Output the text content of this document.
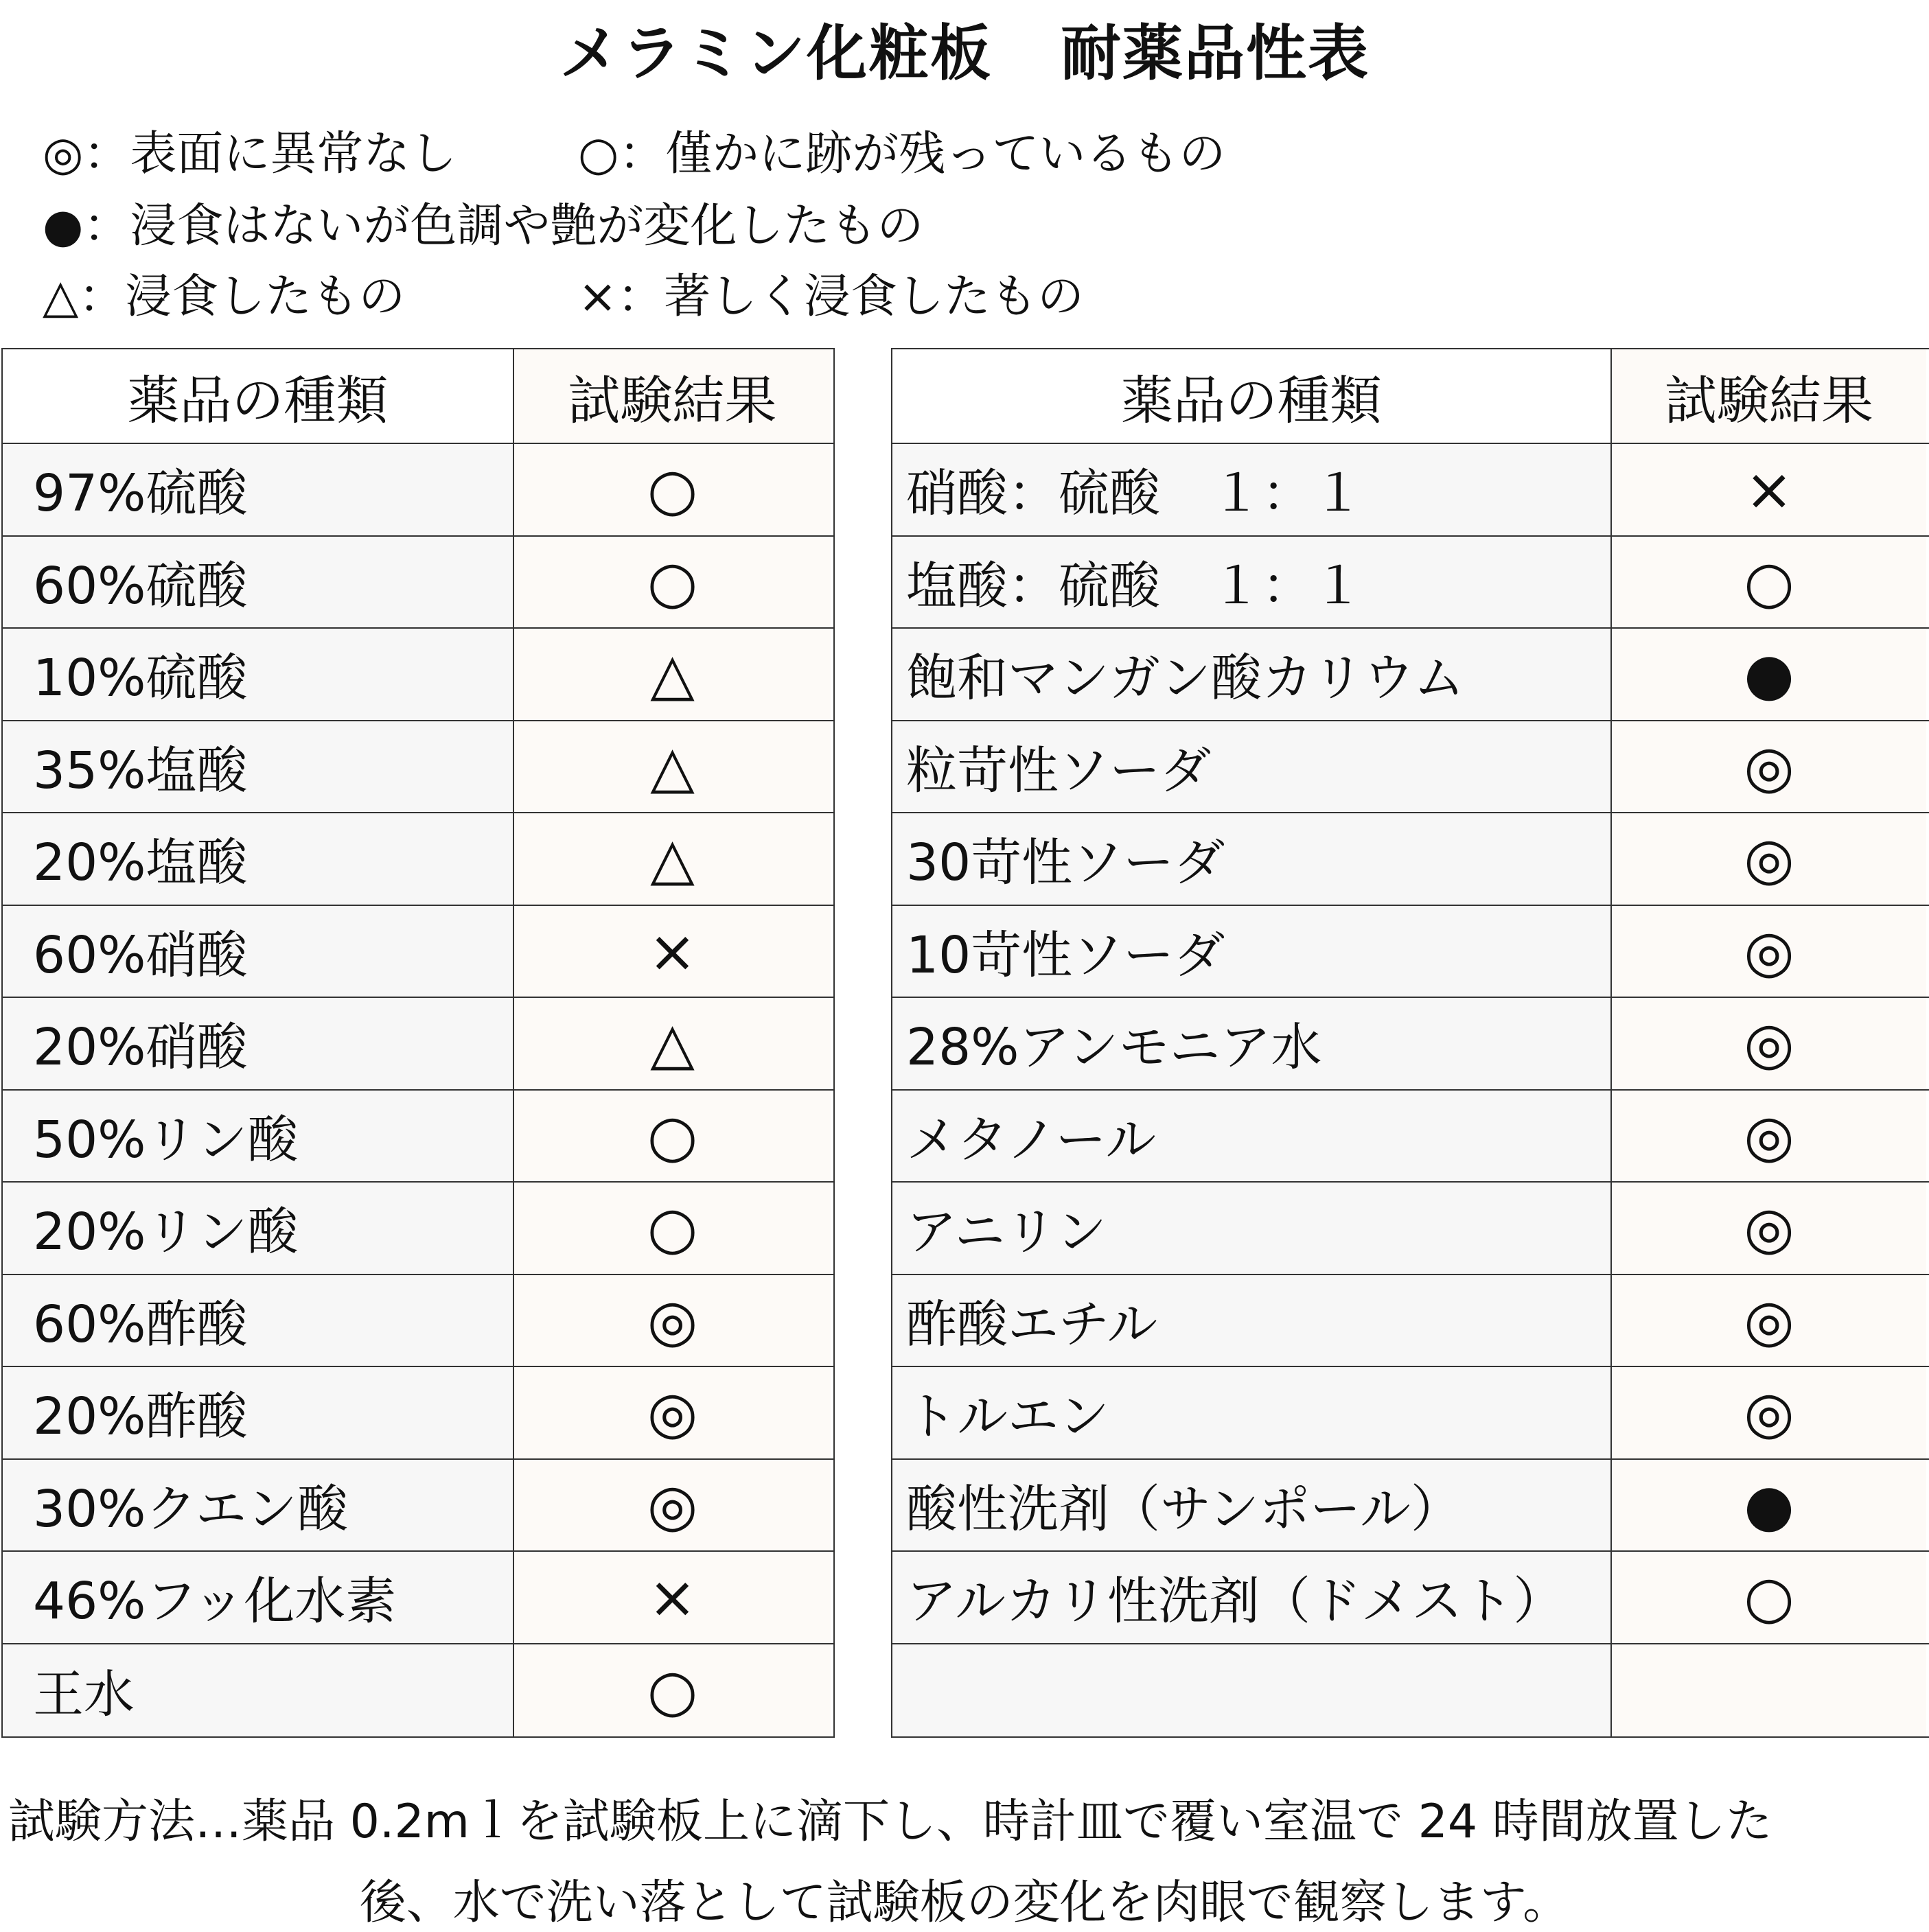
メラミン化粧板 耐薬品性表
◎：表面に異常なし	○：僅かに跡が残っているもの
●：浸食はないが色調や艶が変化したもの
△：浸食したもの	×：著しく浸食したもの
薬品の種類	試験結果
97%硫酸	○
60%硫酸	○
10%硫酸	△
35%塩酸	△
20%塩酸	△
60%硝酸	×
20%硝酸	△
50%リン酸	○
20%リン酸	○
60%酢酸	◎
20%酢酸	◎
30%クエン酸	◎
46%フッ化水素	×
王水	○
薬品の種類	試験結果
硝酸：硫酸　１：１	×
塩酸：硫酸　１：１	○
飽和マンガン酸カリウム	●
粒苛性ソーダ	◎
30苛性ソーダ	◎
10苛性ソーダ	◎
28%アンモニア水	◎
メタノール	◎
アニリン	◎
酢酸エチル	◎
トルエン	◎
酸性洗剤（サンポール）	●
アルカリ性洗剤（ドメスト）	○
試験方法…薬品 0.2mｌを試験板上に滴下し、時計皿で覆い室温で 24 時間放置した
後、水で洗い落として試験板の変化を肉眼で観察します。
